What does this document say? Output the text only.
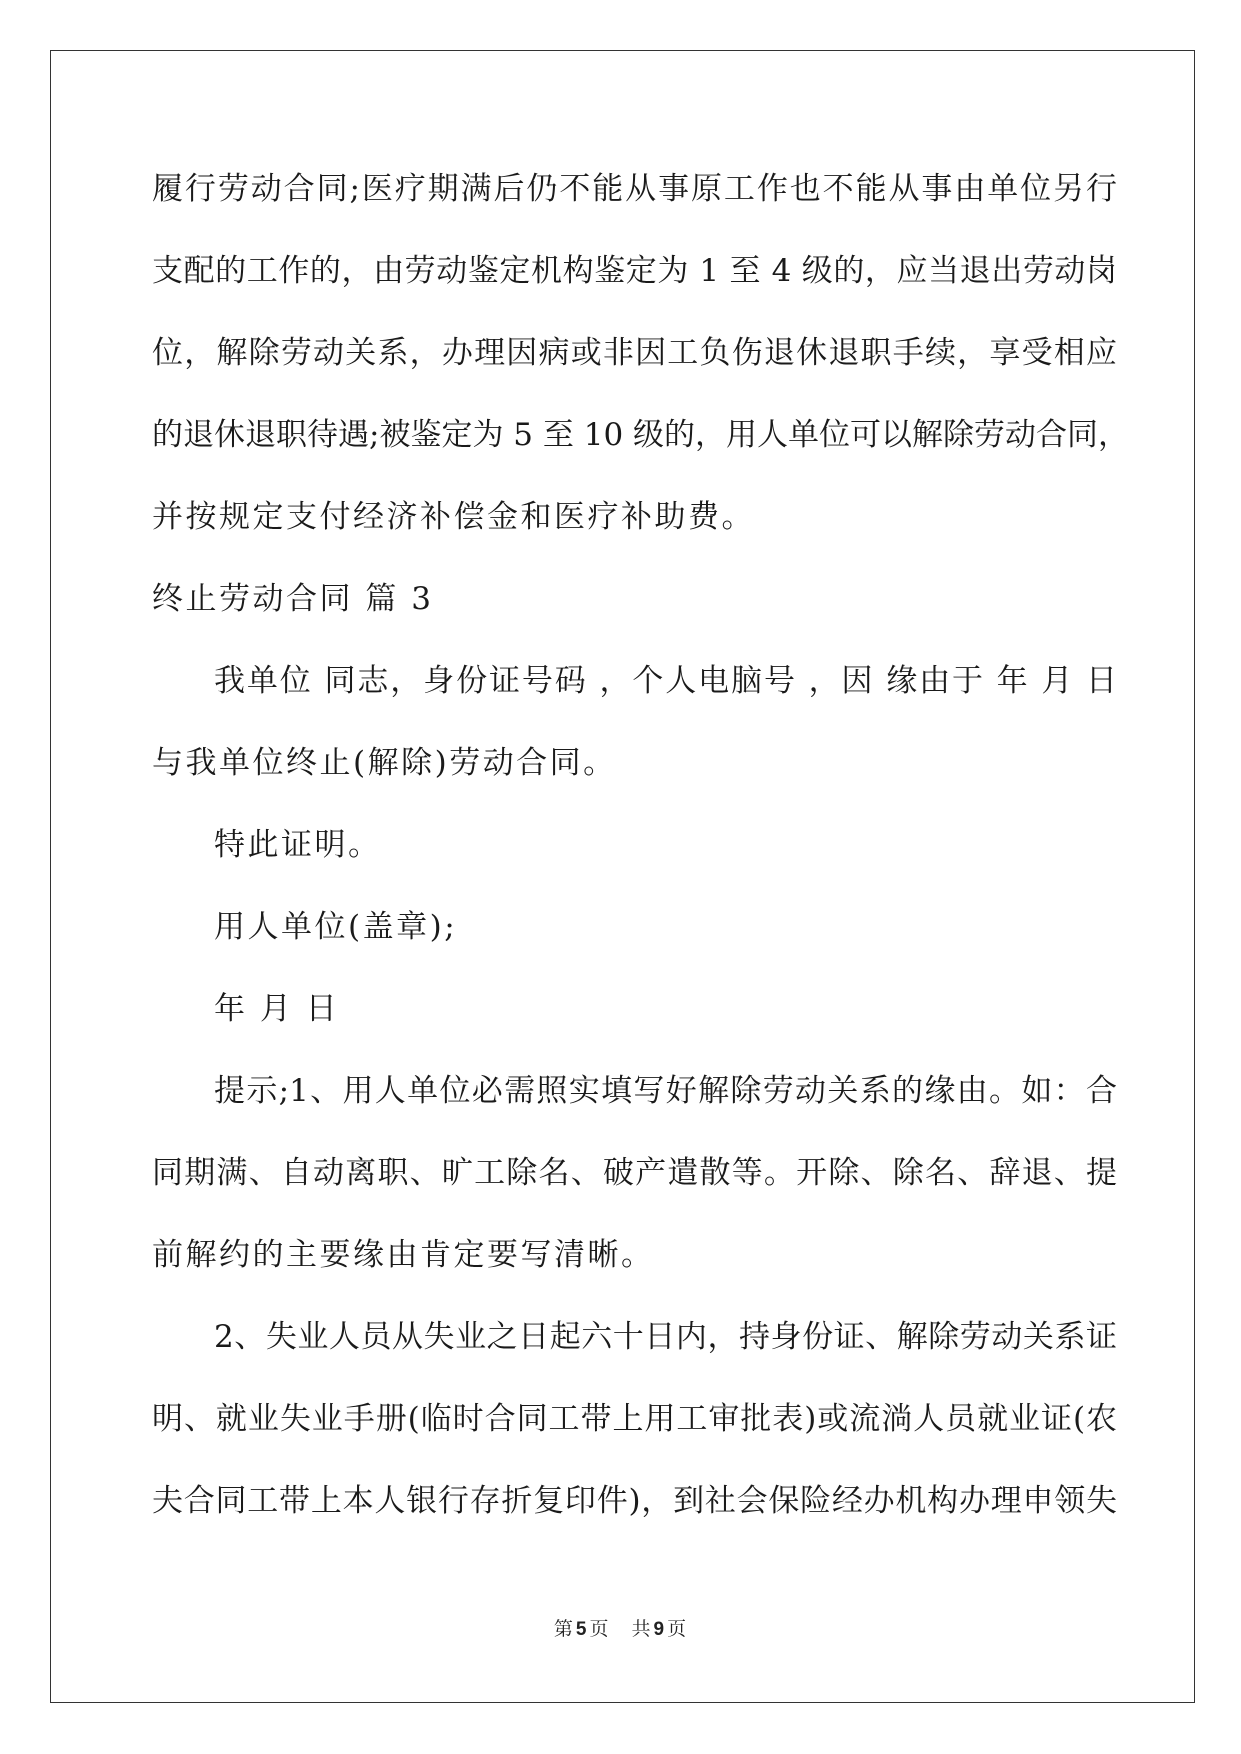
履行劳动合同;医疗期满后仍不能从事原工作也不能从事由单位另行
支配的工作的，由劳动鉴定机构鉴定为 1 至 4 级的，应当退出劳动岗
位，解除劳动关系，办理因病或非因工负伤退休退职手续，享受相应
的退休退职待遇;被鉴定为 5 至 10 级的，用人单位可以解除劳动合同，
并按规定支付经济补偿金和医疗补助费。
终止劳动合同 篇 3
我单位 同志，身份证号码 ，个人电脑号 ，因 缘由于 年 月 日
与我单位终止(解除)劳动合同。
特此证明。
用人单位(盖章);
年 月 日
提示;1、用人单位必需照实填写好解除劳动关系的缘由。如：合
同期满、自动离职、旷工除名、破产遣散等。开除、除名、辞退、提
前解约的主要缘由肯定要写清晰。
2、失业人员从失业之日起六十日内，持身份证、解除劳动关系证
明、就业失业手册(临时合同工带上用工审批表)或流淌人员就业证(农
夫合同工带上本人银行存折复印件)，到社会保险经办机构办理申领失
第 5 页 共 9 页
